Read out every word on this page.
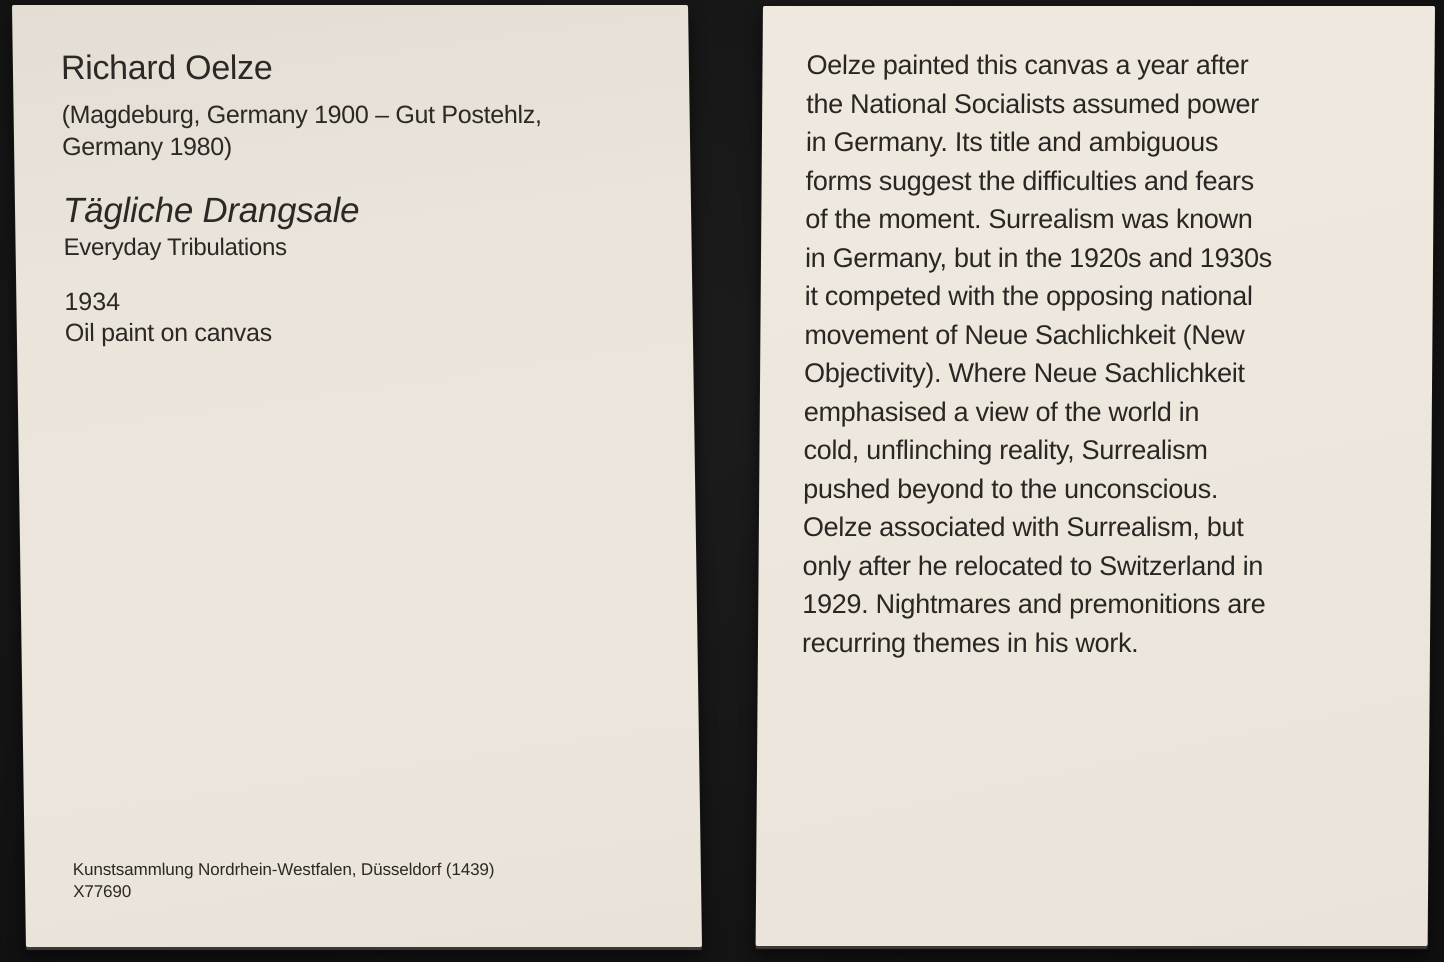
Richard Oelze

(Magdeburg, Germany 1900 – Gut Postehlz,
Germany 1980)

Tägliche Drangsale

Everyday Tribulations

1934

Oil paint on canvas

Kunstsammlung Nordrhein-Westfalen, Düsseldorf (1439)
X77690

Oelze painted this canvas a year after
the National Socialists assumed power
in Germany. Its title and ambiguous
forms suggest the difficulties and fears
of the moment. Surrealism was known
in Germany, but in the 1920s and 1930s
it competed with the opposing national
movement of Neue Sachlichkeit (New
Objectivity). Where Neue Sachlichkeit
emphasised a view of the world in
cold, unflinching reality, Surrealism
pushed beyond to the unconscious.
Oelze associated with Surrealism, but
only after he relocated to Switzerland in
1929. Nightmares and premonitions are
recurring themes in his work.
